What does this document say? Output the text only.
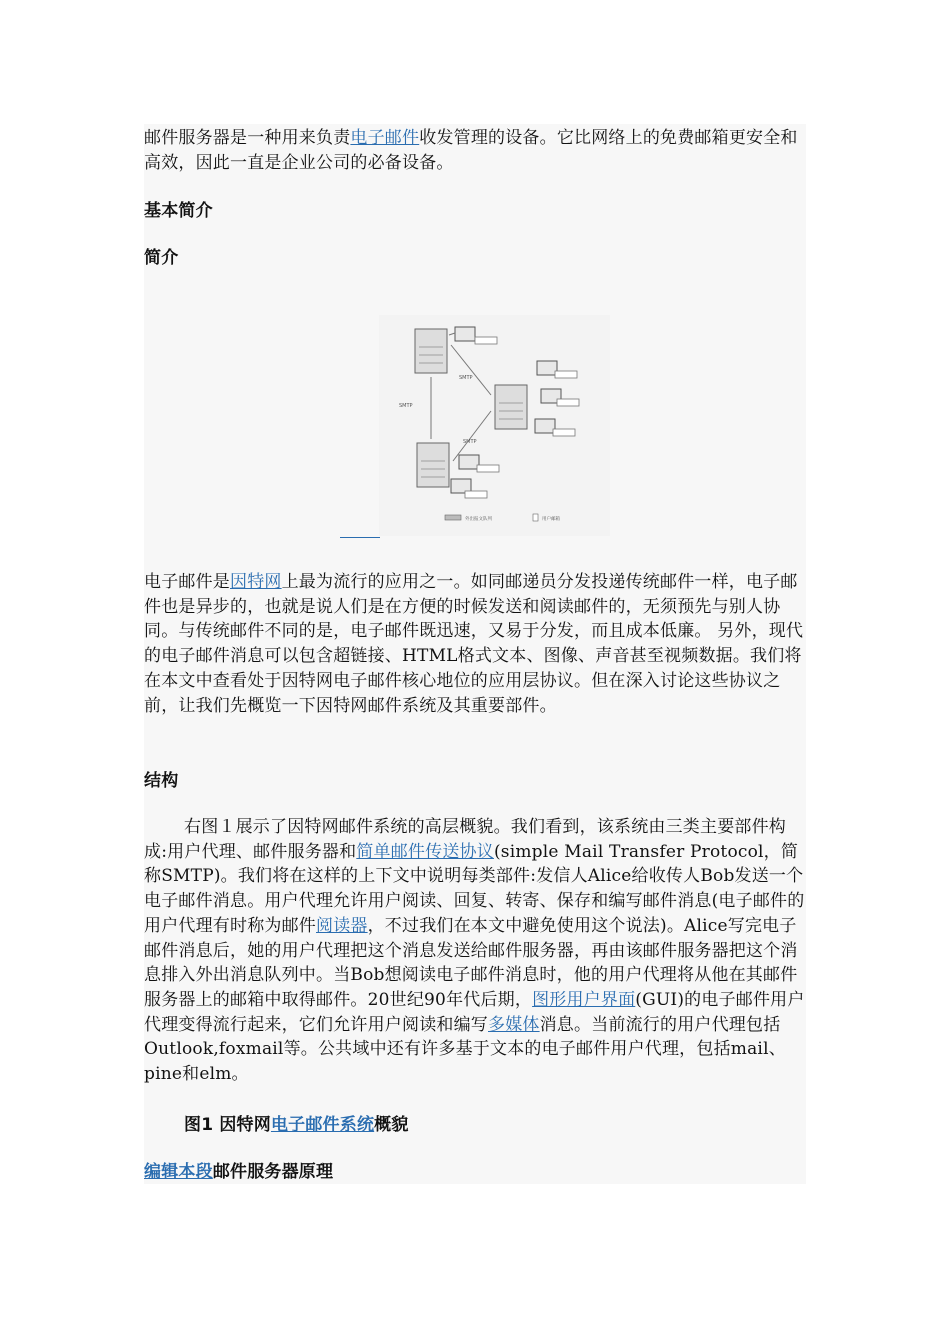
邮件服务器是一种用来负责电子邮件收发管理的设备。它比网络上的免费邮箱更安全和高效，因此一直是企业公司的必备设备。
基本简介
简介
SMTP
SMTP
SMTP
外出报文队列	用户邮箱
电子邮件是因特网上最为流行的应用之一。如同邮递员分发投递传统邮件一样，电子邮件也是异步的，也就是说人们是在方便的时候发送和阅读邮件的，无须预先与别人协同。与传统邮件不同的是，电子邮件既迅速，又易于分发，而且成本低廉。 另外，现代的电子邮件消息可以包含超链接、HTML格式文本、图像、声音甚至视频数据。我们将在本文中查看处于因特网电子邮件核心地位的应用层协议。但在深入讨论这些协议之前，让我们先概览一下因特网邮件系统及其重要部件。
结构
右图１展示了因特网邮件系统的高层概貌。我们看到，该系统由三类主要部件构成:用户代理、邮件服务器和简单邮件传送协议(simple Mail Transfer Protocol，简称SMTP)。我们将在这样的上下文中说明每类部件:发信人Alice给收传人Bob发送一个电子邮件消息。用户代理允许用户阅读、回复、转寄、保存和编写邮件消息(电子邮件的用户代理有时称为邮件阅读器，不过我们在本文中避免使用这个说法)。Alice写完电子邮件消息后，她的用户代理把这个消息发送给邮件服务器，再由该邮件服务器把这个消息排入外出消息队列中。当Bob想阅读电子邮件消息时，他的用户代理将从他在其邮件服务器上的邮箱中取得邮件。20世纪90年代后期，图形用户界面(GUI)的电子邮件用户代理变得流行起来，它们允许用户阅读和编写多媒体消息。当前流行的用户代理包括Outlook,foxmail等。公共域中还有许多基于文本的电子邮件用户代理，包括mail、pine和elm。
图1 因特网电子邮件系统概貌
编辑本段邮件服务器原理
